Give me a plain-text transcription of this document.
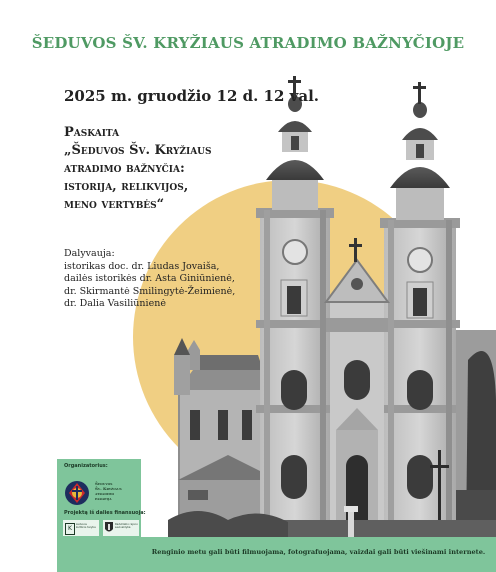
ŠEDUVOS ŠV. KRYŽIAUS ATRADIMO BAŽNYČIOJE
2025 m. gruodžio 12 d. 12 val.
Paskaita
„Šeduvos Šv. Kryžiaus
atradimo bažnyčia:
istorija, relikvijos,
meno vertybės“
Dalyvauja:
istorikas doc. dr. Liudas Jovaiša,
dailės istorikės dr. Asta Giniūnienė,
dr. Skirmantė Smilingytė-Žeimienė,
dr. Dalia Vasiliūnienė
Organizatorius:
Šeduvos
Šv. Kryžiaus
atradimo
parapija
Projektą iš dalies finansuoja:
K
Lietuvos kultūros taryba
Radviliškio rajono savivaldybė
Renginio metu gali būti filmuojama, fotografuojama, vaizdai gali būti viešinami internete.
